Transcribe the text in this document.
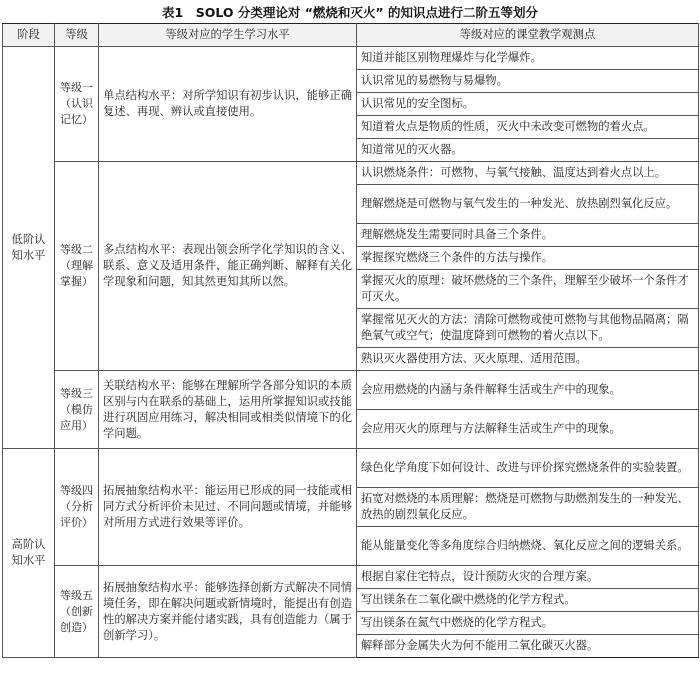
表1　SOLO 分类理论对 “燃烧和灭火” 的知识点进行二阶五等划分
阶段	等级	等级对应的学生学习水平	等级对应的课堂教学观测点
低阶认知水平	等级一（认识记忆）	单点结构水平：对所学知识有初步认识，能够正确复述、再现、辨认或直接使用。	知道并能区别物理爆炸与化学爆炸。
			认识常见的易燃物与易爆物。
			认识常见的安全图标。
			知道着火点是物质的性质，灭火中未改变可燃物的着火点。
			知道常见的灭火器。
	等级二（理解掌握）	多点结构水平：表现出领会所学化学知识的含义、联系、意义及适用条件，能正确判断、解释有关化学现象和问题，知其然更知其所以然。	认识燃烧条件：可燃物、与氧气接触、温度达到着火点以上。
			理解燃烧是可燃物与氧气发生的一种发光、放热剧烈氧化反应。
			理解燃烧发生需要同时具备三个条件。
			掌握探究燃烧三个条件的方法与操作。
			掌握灭火的原理：破坏燃烧的三个条件，理解至少破坏一个条件才可灭火。
			掌握常见灭火的方法：清除可燃物或使可燃物与其他物品隔离；隔绝氧气或空气；使温度降到可燃物的着火点以下。
			熟识灭火器使用方法、灭火原理、适用范围。
	等级三（模仿应用）	关联结构水平：能够在理解所学各部分知识的本质区别与内在联系的基础上，运用所掌握知识或技能进行巩固应用练习，解决相同或相类似情境下的化学问题。	会应用燃烧的内涵与条件解释生活或生产中的现象。
			会应用灭火的原理与方法解释生活或生产中的现象。
高阶认知水平	等级四（分析评价）	拓展抽象结构水平：能运用已形成的同一技能或相同方式分析评价未见过、不同问题或情境，并能够对所用方式进行效果等评价。	绿色化学角度下如何设计、改进与评价探究燃烧条件的实验装置。
			拓宽对燃烧的本质理解：燃烧是可燃物与助燃剂发生的一种发光、放热的剧烈氧化反应。
			能从能量变化等多角度综合归纳燃烧、氧化反应之间的逻辑关系。
	等级五（创新创造）	拓展抽象结构水平：能够选择创新方式解决不同情境任务，即在解决问题或新情境时，能提出有创造性的解决方案并能付诸实践，具有创造能力（属于创新学习）。	根据自家住宅特点，设计预防火灾的合理方案。
			写出镁条在二氧化碳中燃烧的化学方程式。
			写出镁条在氮气中燃烧的化学方程式。
			解释部分金属失火为何不能用二氧化碳灭火器。
